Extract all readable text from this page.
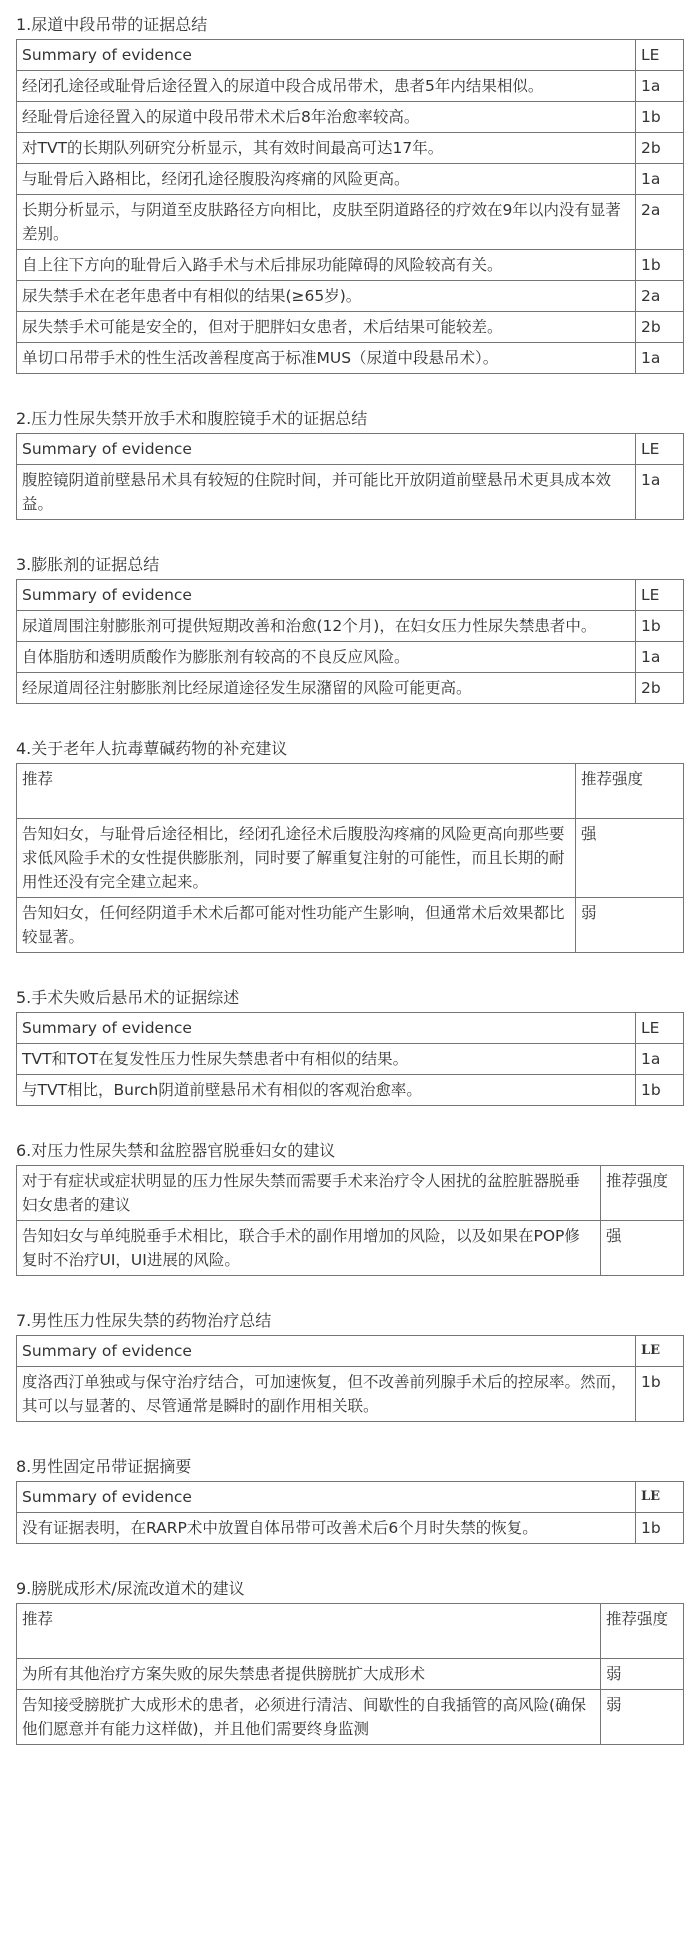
1.尿道中段吊带的证据总结
Summary of evidence	LE
经闭孔途径或耻骨后途径置入的尿道中段合成吊带术，患者5年内结果相似。	1a
经耻骨后途径置入的尿道中段吊带术术后8年治愈率较高。	1b
对TVT的长期队列研究分析显示，其有效时间最高可达17年。	2b
与耻骨后入路相比，经闭孔途径腹股沟疼痛的风险更高。	1a
长期分析显示，与阴道至皮肤路径方向相比，皮肤至阴道路径的疗效在9年以内没有显著差别。	2a
自上往下方向的耻骨后入路手术与术后排尿功能障碍的风险较高有关。	1b
尿失禁手术在老年患者中有相似的结果(≥65岁)。	2a
尿失禁手术可能是安全的，但对于肥胖妇女患者，术后结果可能较差。	2b
单切口吊带手术的性生活改善程度高于标准MUS（尿道中段悬吊术）。	1a
2.压力性尿失禁开放手术和腹腔镜手术的证据总结
Summary of evidence	LE
腹腔镜阴道前壁悬吊术具有较短的住院时间，并可能比开放阴道前壁悬吊术更具成本效益。	1a
3.膨胀剂的证据总结
Summary of evidence	LE
尿道周围注射膨胀剂可提供短期改善和治愈(12个月)，在妇女压力性尿失禁患者中。	1b
自体脂肪和透明质酸作为膨胀剂有较高的不良反应风险。	1a
经尿道周径注射膨胀剂比经尿道途径发生尿潴留的风险可能更高。	2b
4.关于老年人抗毒蕈碱药物的补充建议
推荐	推荐强度
告知妇女，与耻骨后途径相比，经闭孔途径术后腹股沟疼痛的风险更高向那些要求低风险手术的女性提供膨胀剂，同时要了解重复注射的可能性，而且长期的耐用性还没有完全建立起来。	强
告知妇女，任何经阴道手术术后都可能对性功能产生影响，但通常术后效果都比较显著。	弱
5.手术失败后悬吊术的证据综述
Summary of evidence	LE
TVT和TOT在复发性压力性尿失禁患者中有相似的结果。	1a
与TVT相比，Burch阴道前壁悬吊术有相似的客观治愈率。	1b
6.对压力性尿失禁和盆腔器官脱垂妇女的建议
对于有症状或症状明显的压力性尿失禁而需要手术来治疗令人困扰的盆腔脏器脱垂妇女患者的建议	推荐强度
告知妇女与单纯脱垂手术相比，联合手术的副作用增加的风险，以及如果在POP修复时不治疗UI，UI进展的风险。	强
7.男性压力性尿失禁的药物治疗总结
Summary of evidence	LE
度洛西汀单独或与保守治疗结合，可加速恢复，但不改善前列腺手术后的控尿率。然而，其可以与显著的、尽管通常是瞬时的副作用相关联。	1b
8.男性固定吊带证据摘要
Summary of evidence	LE
没有证据表明，在RARP术中放置自体吊带可改善术后6个月时失禁的恢复。	1b
9.膀胱成形术/尿流改道术的建议
推荐	推荐强度
为所有其他治疗方案失败的尿失禁患者提供膀胱扩大成形术	弱
告知接受膀胱扩大成形术的患者，必须进行清洁、间歇性的自我插管的高风险(确保他们愿意并有能力这样做)，并且他们需要终身监测	弱
